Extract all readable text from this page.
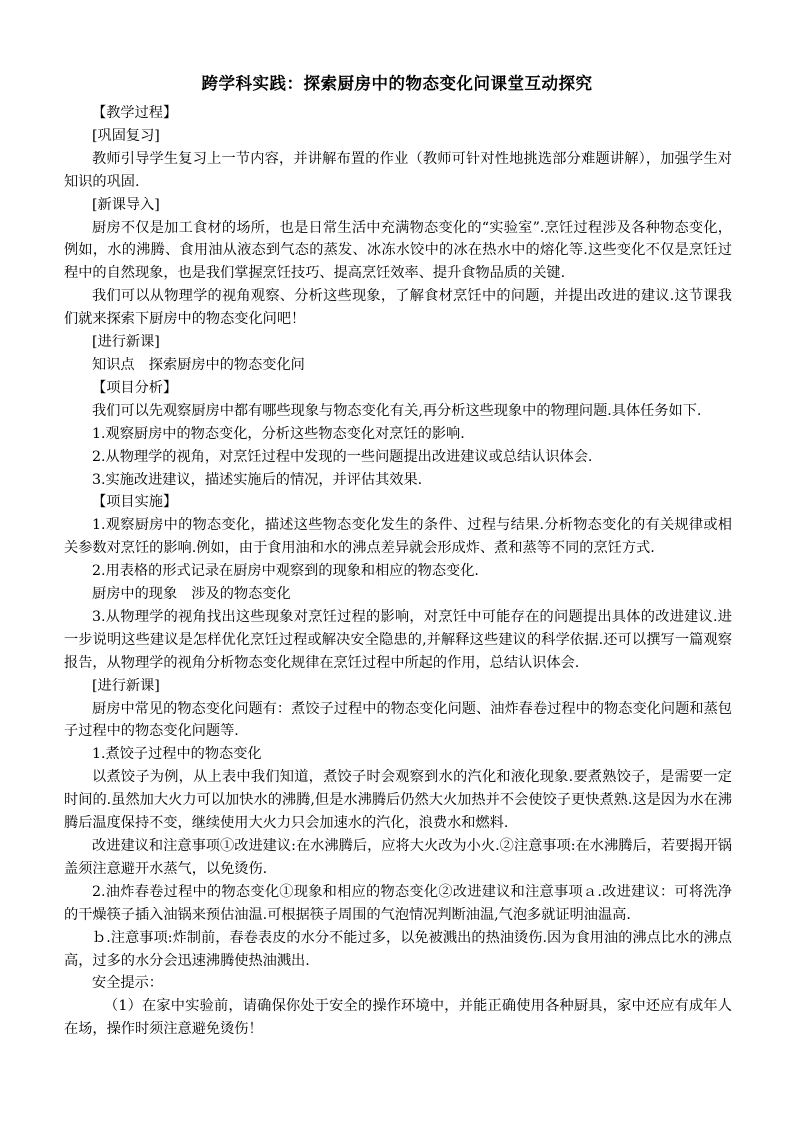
跨学科实践：探索厨房中的物态变化问课堂互动探究

【教学过程】

[巩固复习]

教师引导学生复习上一节内容，并讲解布置的作业（教师可针对性地挑选部分难题讲解），加强学生对知识的巩固.

[新课导入]

厨房不仅是加工食材的场所，也是日常生活中充满物态变化的“实验室”.烹饪过程涉及各种物态变化，例如，水的沸腾、食用油从液态到气态的蒸发、冰冻水饺中的冰在热水中的熔化等.这些变化不仅是烹饪过程中的自然现象，也是我们掌握烹饪技巧、提高烹饪效率、提升食物品质的关键.

我们可以从物理学的视角观察、分析这些现象，了解食材烹饪中的问题，并提出改进的建议.这节课我们就来探索下厨房中的物态变化问吧！

[进行新课]

知识点　探索厨房中的物态变化问

【项目分析】

我们可以先观察厨房中都有哪些现象与物态变化有关,再分析这些现象中的物理问题.具体任务如下.

1.观察厨房中的物态变化，分析这些物态变化对烹饪的影响.

2.从物理学的视角，对烹饪过程中发现的一些问题提出改进建议或总结认识体会.

3.实施改进建议，描述实施后的情况，并评估其效果.

【项目实施】

1.观察厨房中的物态变化，描述这些物态变化发生的条件、过程与结果.分析物态变化的有关规律或相关参数对烹饪的影响.例如，由于食用油和水的沸点差异就会形成炸、煮和蒸等不同的烹饪方式.

2.用表格的形式记录在厨房中观察到的现象和相应的物态变化.

厨房中的现象　涉及的物态变化

3.从物理学的视角找出这些现象对烹饪过程的影响，对烹饪中可能存在的问题提出具体的改进建议.进一步说明这些建议是怎样优化烹饪过程或解决安全隐患的,并解释这些建议的科学依据.还可以撰写一篇观察报告，从物理学的视角分析物态变化规律在烹饪过程中所起的作用，总结认识体会.

[进行新课]

厨房中常见的物态变化问题有：煮饺子过程中的物态变化问题、油炸春卷过程中的物态变化问题和蒸包子过程中的物态变化问题等.

1.煮饺子过程中的物态变化

以煮饺子为例，从上表中我们知道，煮饺子时会观察到水的汽化和液化现象.要煮熟饺子，是需要一定时间的.虽然加大火力可以加快水的沸腾,但是水沸腾后仍然大火加热并不会使饺子更快煮熟.这是因为水在沸腾后温度保持不变，继续使用大火力只会加速水的汽化，浪费水和燃料.

改进建议和注意事项①改进建议:在水沸腾后，应将大火改为小火.②注意事项:在水沸腾后，若要揭开锅盖须注意避开水蒸气，以免烫伤.

2.油炸春卷过程中的物态变化①现象和相应的物态变化②改进建议和注意事项ａ.改进建议：可将洗净的干燥筷子插入油锅来预估油温.可根据筷子周围的气泡情况判断油温,气泡多就证明油温高.

ｂ.注意事项:炸制前，春卷表皮的水分不能过多，以免被溅出的热油烫伤.因为食用油的沸点比水的沸点高，过多的水分会迅速沸腾使热油溅出.

安全提示：

（1）在家中实验前，请确保你处于安全的操作环境中，并能正确使用各种厨具，家中还应有成年人在场，操作时须注意避免烫伤！
